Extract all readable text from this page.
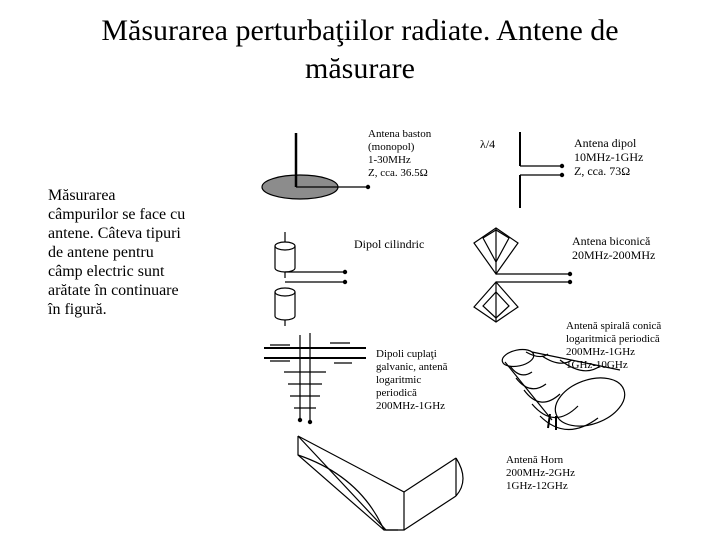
Măsurarea perturbaţiilor radiate. Antene de
măsurare
Măsurarea
câmpurilor se face cu
antene. Câteva tipuri
de antene pentru
câmp electric sunt
arătate în continuare
în figură.
Antena baston
(monopol)
1-30MHz
Z, cca. 36.5Ω
λ/4	Antena dipol
10MHz-1GHz
Z, cca. 73Ω
Dipol cilindric	Antena biconică
20MHz-200MHz
Antenă spirală conică
logaritmică periodică
200MHz-1GHz
1GHz-10GHz
Dipoli cuplaţi
galvanic, antenă
logaritmic
periodică
200MHz-1GHz
Antenă Horn
200MHz-2GHz
1GHz-12GHz
